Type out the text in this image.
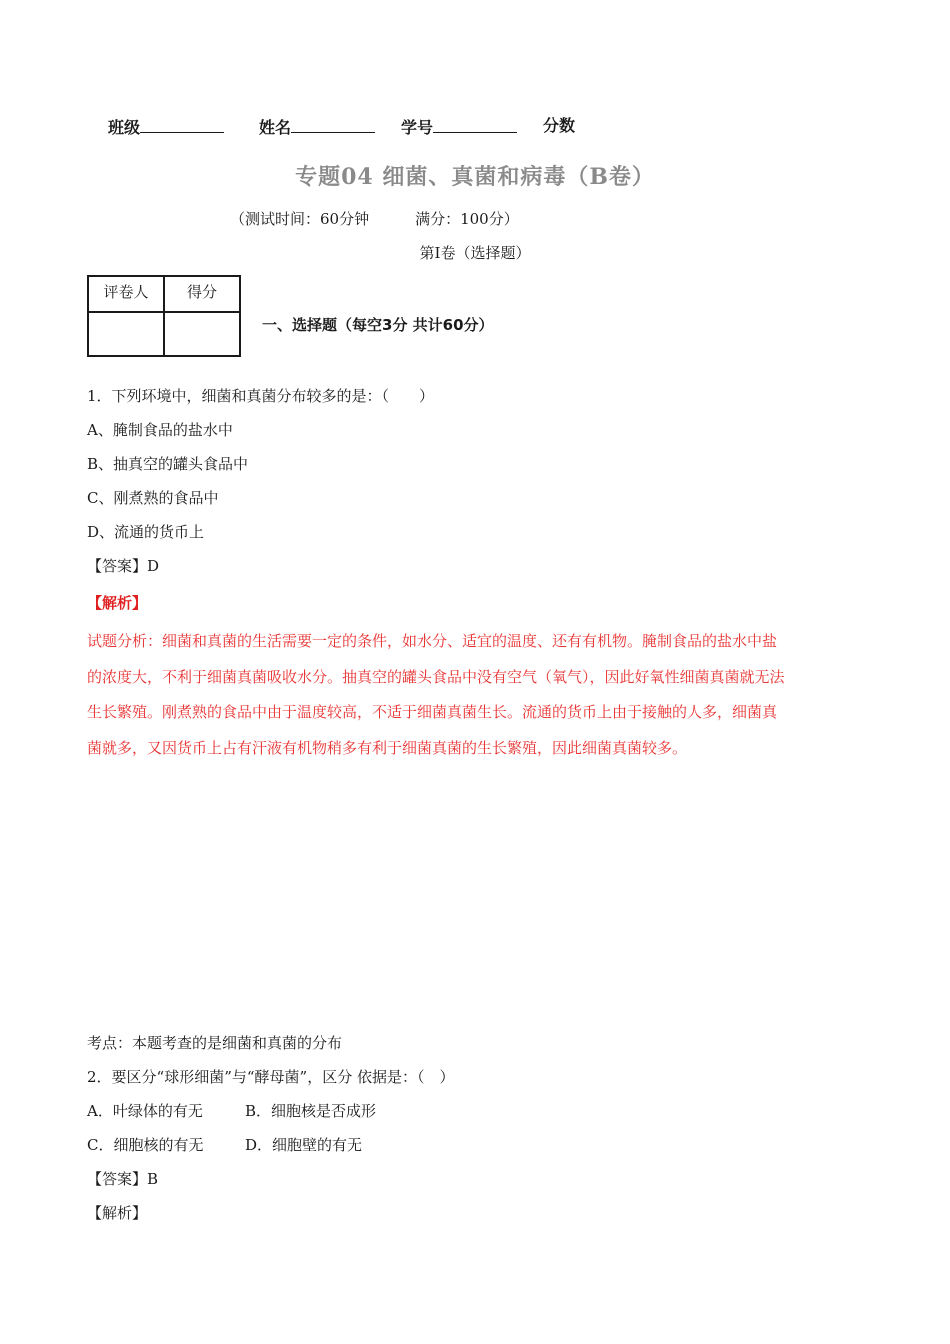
班级	姓名	学号	分数
专题04 细菌、真菌和病毒（B卷）
（测试时间：60分钟	满分：100分）
第I卷（选择题）
评卷人	得分

一、选择题（每空3分 共计60分）
1．下列环境中，细菌和真菌分布较多的是：（　　）
A、腌制食品的盐水中
B、抽真空的罐头食品中
C、刚煮熟的食品中
D、流通的货币上
【答案】D
【解析】
试题分析：细菌和真菌的生活需要一定的条件，如水分、适宜的温度、还有有机物。腌制食品的盐水中盐
的浓度大，不利于细菌真菌吸收水分。抽真空的罐头食品中没有空气（氧气），因此好氧性细菌真菌就无法
生长繁殖。刚煮熟的食品中由于温度较高，不适于细菌真菌生长。流通的货币上由于接触的人多，细菌真
菌就多，又因货币上占有汗液有机物稍多有利于细菌真菌的生长繁殖，因此细菌真菌较多。
考点：本题考查的是细菌和真菌的分布
2．要区分“球形细菌”与“酵母菌”，区分 依据是：（　）
A．叶绿体的有无	B．细胞核是否成形
C．细胞核的有无	D．细胞壁的有无
【答案】B
【解析】
